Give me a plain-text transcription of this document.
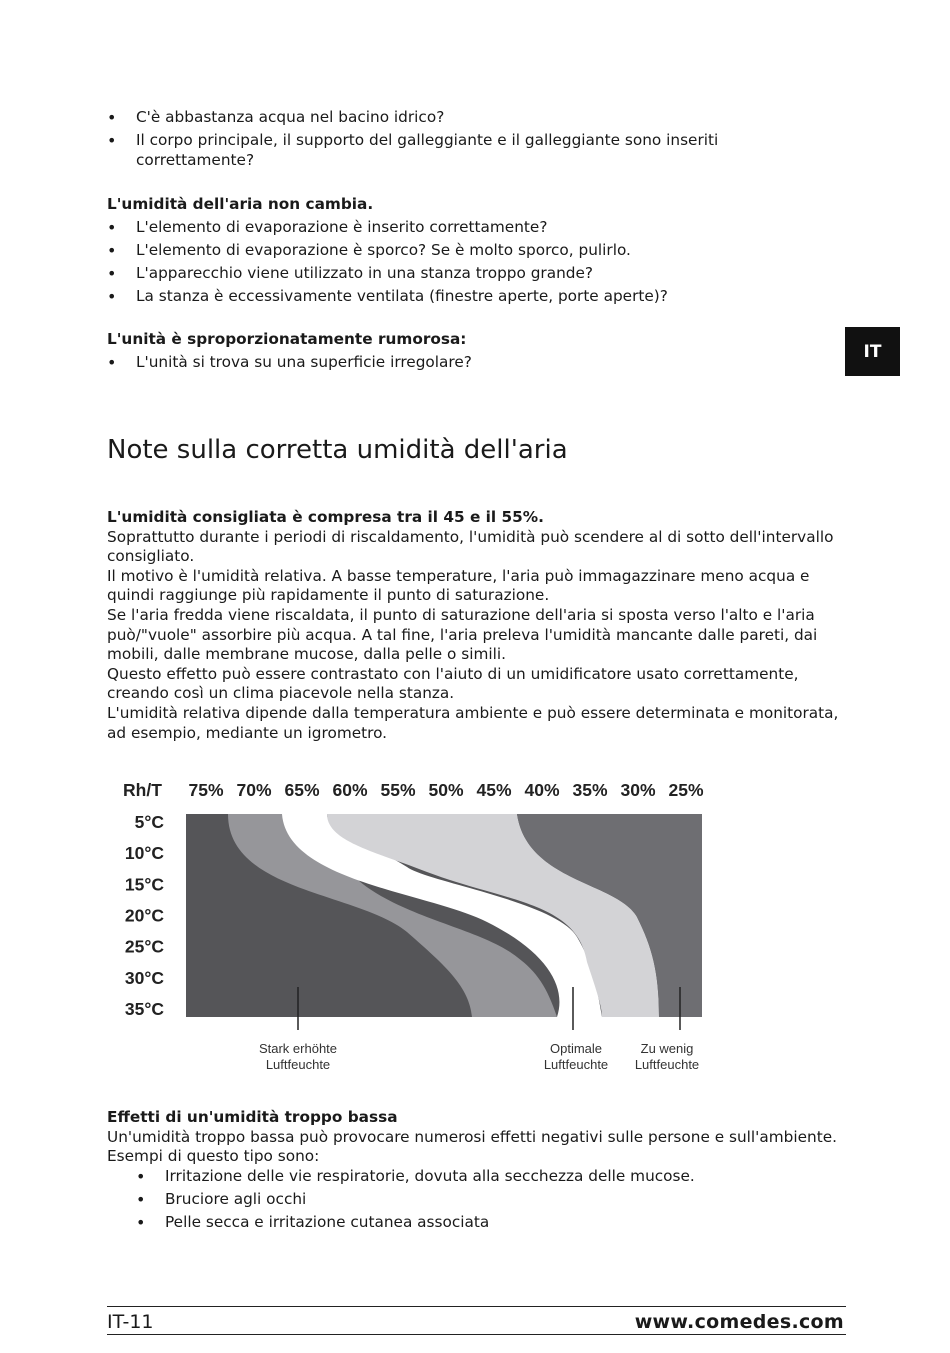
• C'è abbastanza acqua nel bacino idrico?
• Il corpo principale, il supporto del galleggiante e il galleggiante sono inseriti correttamente?
L'umidità dell'aria non cambia.
• L'elemento di evaporazione è inserito correttamente?
• L'elemento di evaporazione è sporco? Se è molto sporco, pulirlo.
• L'apparecchio viene utilizzato in una stanza troppo grande?
• La stanza è eccessivamente ventilata (finestre aperte, porte aperte)?
L'unità è sproporzionatamente rumorosa:
• L'unità si trova su una superficie irregolare?
IT
Note sulla corretta umidità dell'aria
L'umidità consigliata è compresa tra il 45 e il 55%.

Soprattutto durante i periodi di riscaldamento, l'umidità può scendere al di sotto dell'intervallo consigliato.

Il motivo è l'umidità relativa. A basse temperature, l'aria può immagazzinare meno acqua e quindi raggiunge più rapidamente il punto di saturazione.

Se l'aria fredda viene riscaldata, il punto di saturazione dell'aria si sposta verso l'alto e l'aria può/"vuole" assorbire più acqua. A tal fine, l'aria preleva l'umidità mancante dalle pareti, dai mobili, dalle membrane mucose, dalla pelle o simili.

Questo effetto può essere contrastato con l'aiuto di un umidificatore usato correttamente, creando così un clima piacevole nella stanza.

L'umidità relativa dipende dalla temperatura ambiente e può essere determinata e monitorata, ad esempio, mediante un igrometro.

Rh/T 75% 70% 65% 60% 55% 50% 45% 40% 35% 30% 25%
5°C
10°C
15°C
20°C
25°C
30°C
35°C
Stark erhöhte
Luftfeuchte
Optimale
Luftfeuchte
Zu wenig
Luftfeuchte
Effetti di un'umidità troppo bassa

Un'umidità troppo bassa può provocare numerosi effetti negativi sulle persone e sull'ambiente.

Esempi di questo tipo sono:

• Irritazione delle vie respiratorie, dovuta alla secchezza delle mucose.
• Bruciore agli occhi
• Pelle secca e irritazione cutanea associata
IT-11	www.comedes.com
